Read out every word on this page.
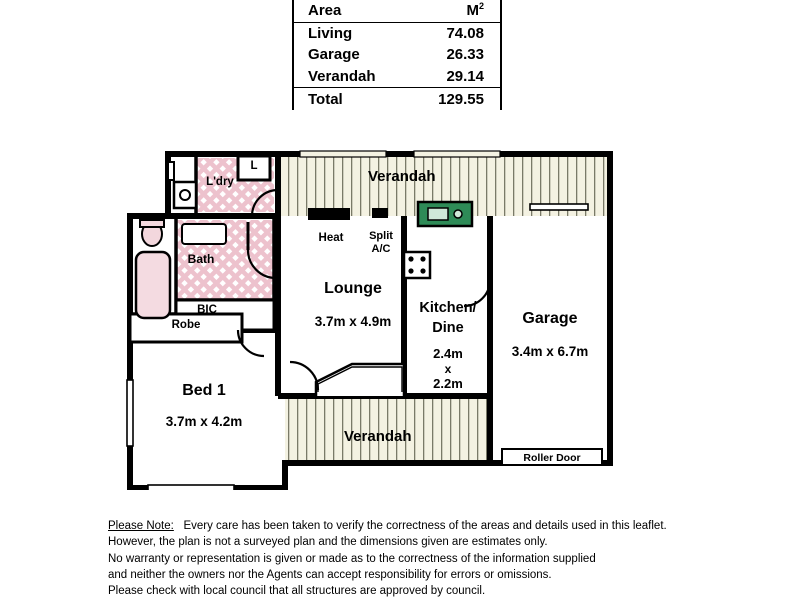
Area	$M^2$
Living	74.08
Garage	26.33
Verandah	29.14
Total	129.55
Verandah
Verandah
Lounge
3.7m x 4.9m
Kitchen/
Dine
2.4m
x
2.2m
Garage
3.4m x 6.7m
Bed 1
3.7m x 4.2m
Bath
L'dry
BIC
Robe
L
Heat	Split
A/C
Roller Door
Please Note: Every care has been taken to verify the correctness of the areas and details used in this leaflet.
However, the plan is not a surveyed plan and the dimensions given are estimates only.
No warranty or representation is given or made as to the correctness of the information supplied
and neither the owners nor the Agents can accept responsibility for errors or omissions.
Please check with local council that all structures are approved by council.
